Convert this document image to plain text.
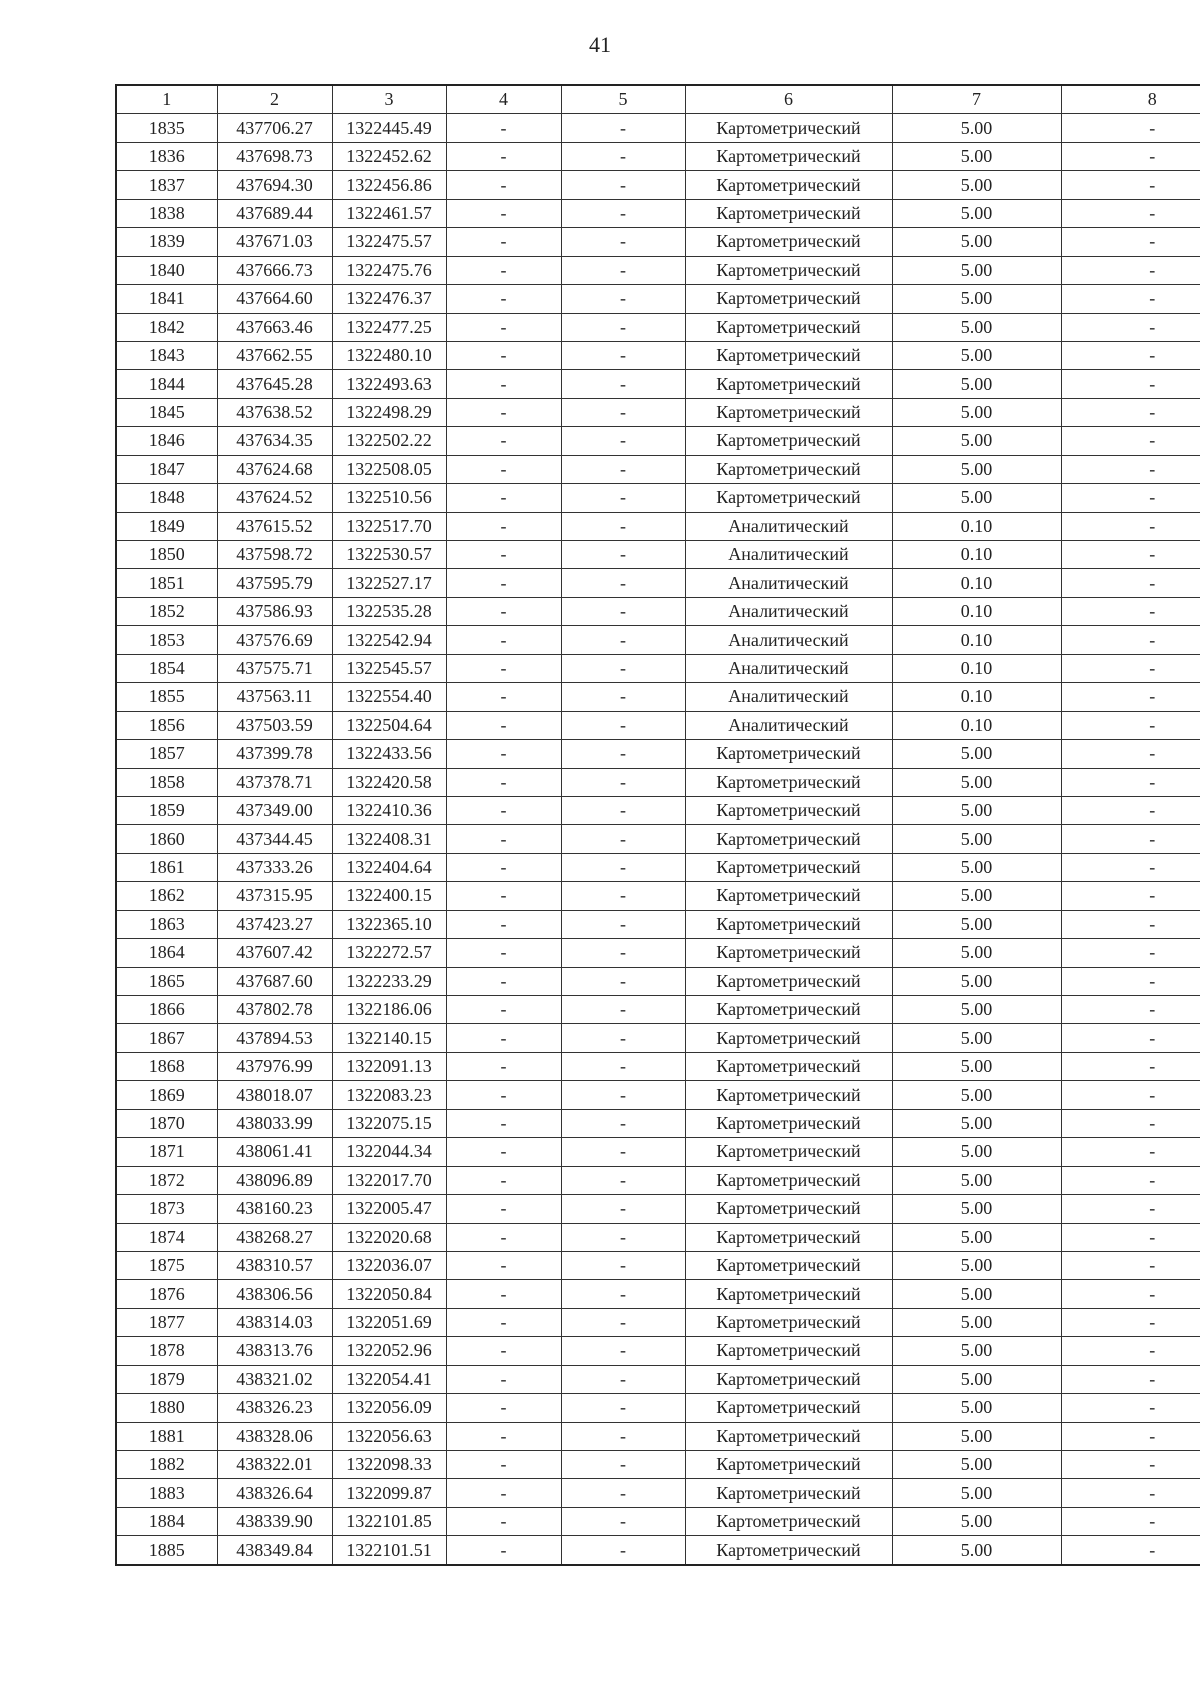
41
1	2	3	4	5	6	7	8
1835	437706.27	1322445.49	-	-	Картометрический	5.00	-
1836	437698.73	1322452.62	-	-	Картометрический	5.00	-
1837	437694.30	1322456.86	-	-	Картометрический	5.00	-
1838	437689.44	1322461.57	-	-	Картометрический	5.00	-
1839	437671.03	1322475.57	-	-	Картометрический	5.00	-
1840	437666.73	1322475.76	-	-	Картометрический	5.00	-
1841	437664.60	1322476.37	-	-	Картометрический	5.00	-
1842	437663.46	1322477.25	-	-	Картометрический	5.00	-
1843	437662.55	1322480.10	-	-	Картометрический	5.00	-
1844	437645.28	1322493.63	-	-	Картометрический	5.00	-
1845	437638.52	1322498.29	-	-	Картометрический	5.00	-
1846	437634.35	1322502.22	-	-	Картометрический	5.00	-
1847	437624.68	1322508.05	-	-	Картометрический	5.00	-
1848	437624.52	1322510.56	-	-	Картометрический	5.00	-
1849	437615.52	1322517.70	-	-	Аналитический	0.10	-
1850	437598.72	1322530.57	-	-	Аналитический	0.10	-
1851	437595.79	1322527.17	-	-	Аналитический	0.10	-
1852	437586.93	1322535.28	-	-	Аналитический	0.10	-
1853	437576.69	1322542.94	-	-	Аналитический	0.10	-
1854	437575.71	1322545.57	-	-	Аналитический	0.10	-
1855	437563.11	1322554.40	-	-	Аналитический	0.10	-
1856	437503.59	1322504.64	-	-	Аналитический	0.10	-
1857	437399.78	1322433.56	-	-	Картометрический	5.00	-
1858	437378.71	1322420.58	-	-	Картометрический	5.00	-
1859	437349.00	1322410.36	-	-	Картометрический	5.00	-
1860	437344.45	1322408.31	-	-	Картометрический	5.00	-
1861	437333.26	1322404.64	-	-	Картометрический	5.00	-
1862	437315.95	1322400.15	-	-	Картометрический	5.00	-
1863	437423.27	1322365.10	-	-	Картометрический	5.00	-
1864	437607.42	1322272.57	-	-	Картометрический	5.00	-
1865	437687.60	1322233.29	-	-	Картометрический	5.00	-
1866	437802.78	1322186.06	-	-	Картометрический	5.00	-
1867	437894.53	1322140.15	-	-	Картометрический	5.00	-
1868	437976.99	1322091.13	-	-	Картометрический	5.00	-
1869	438018.07	1322083.23	-	-	Картометрический	5.00	-
1870	438033.99	1322075.15	-	-	Картометрический	5.00	-
1871	438061.41	1322044.34	-	-	Картометрический	5.00	-
1872	438096.89	1322017.70	-	-	Картометрический	5.00	-
1873	438160.23	1322005.47	-	-	Картометрический	5.00	-
1874	438268.27	1322020.68	-	-	Картометрический	5.00	-
1875	438310.57	1322036.07	-	-	Картометрический	5.00	-
1876	438306.56	1322050.84	-	-	Картометрический	5.00	-
1877	438314.03	1322051.69	-	-	Картометрический	5.00	-
1878	438313.76	1322052.96	-	-	Картометрический	5.00	-
1879	438321.02	1322054.41	-	-	Картометрический	5.00	-
1880	438326.23	1322056.09	-	-	Картометрический	5.00	-
1881	438328.06	1322056.63	-	-	Картометрический	5.00	-
1882	438322.01	1322098.33	-	-	Картометрический	5.00	-
1883	438326.64	1322099.87	-	-	Картометрический	5.00	-
1884	438339.90	1322101.85	-	-	Картометрический	5.00	-
1885	438349.84	1322101.51	-	-	Картометрический	5.00	-
